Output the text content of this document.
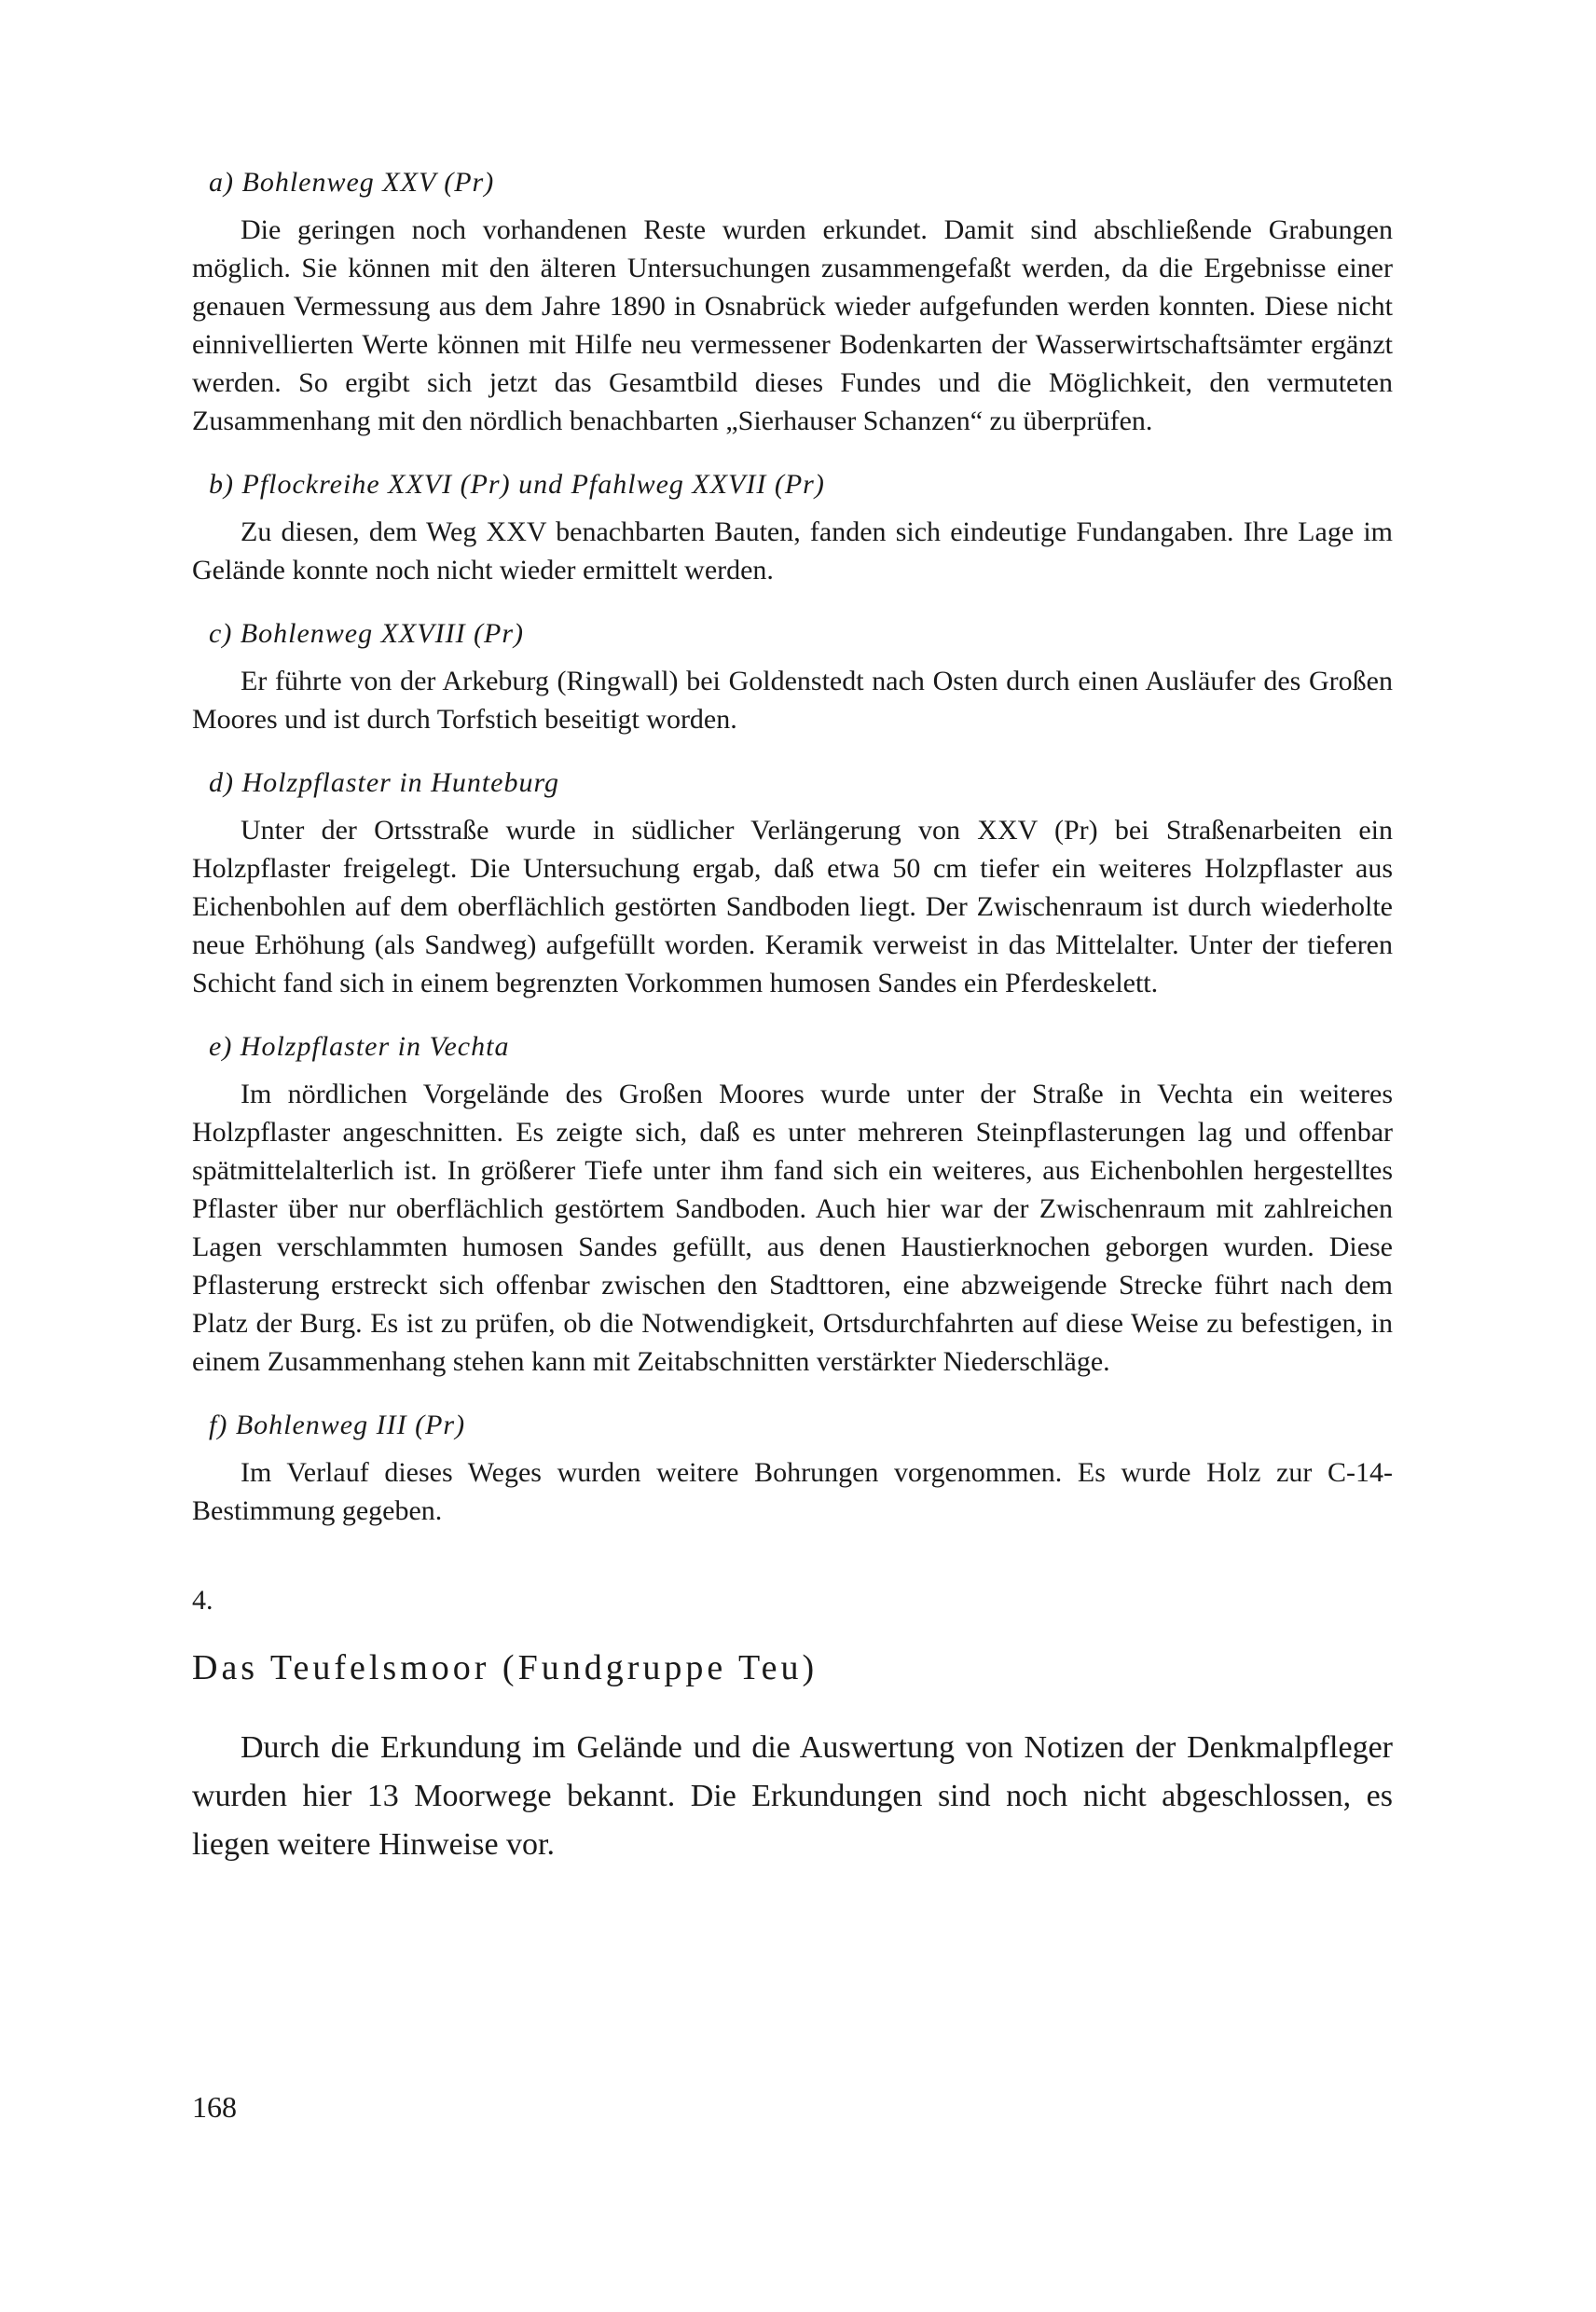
a) Bohlenweg XXV (Pr)

Die geringen noch vorhandenen Reste wurden erkundet. Damit sind abschließende Grabungen möglich. Sie können mit den älteren Untersuchungen zusammengefaßt werden, da die Ergebnisse einer genauen Vermessung aus dem Jahre 1890 in Osnabrück wieder aufgefunden werden konnten. Diese nicht einnivellierten Werte können mit Hilfe neu vermessener Bodenkarten der Wasserwirtschaftsämter ergänzt werden. So ergibt sich jetzt das Gesamtbild dieses Fundes und die Möglichkeit, den vermuteten Zusammenhang mit den nördlich benachbarten „Sierhauser Schanzen“ zu überprüfen.

b) Pflockreihe XXVI (Pr) und Pfahlweg XXVII (Pr)

Zu diesen, dem Weg XXV benachbarten Bauten, fanden sich eindeutige Fundangaben. Ihre Lage im Gelände konnte noch nicht wieder ermittelt werden.

c) Bohlenweg XXVIII (Pr)

Er führte von der Arkeburg (Ringwall) bei Goldenstedt nach Osten durch einen Ausläufer des Großen Moores und ist durch Torfstich beseitigt worden.

d) Holzpflaster in Hunteburg

Unter der Ortsstraße wurde in südlicher Verlängerung von XXV (Pr) bei Straßenarbeiten ein Holzpflaster freigelegt. Die Untersuchung ergab, daß etwa 50 cm tiefer ein weiteres Holzpflaster aus Eichenbohlen auf dem oberflächlich gestörten Sandboden liegt. Der Zwischenraum ist durch wiederholte neue Erhöhung (als Sandweg) aufgefüllt worden. Keramik verweist in das Mittelalter. Unter der tieferen Schicht fand sich in einem begrenzten Vorkommen humosen Sandes ein Pferdeskelett.

e) Holzpflaster in Vechta

Im nördlichen Vorgelände des Großen Moores wurde unter der Straße in Vechta ein weiteres Holzpflaster angeschnitten. Es zeigte sich, daß es unter mehreren Steinpflasterungen lag und offenbar spätmittelalterlich ist. In größerer Tiefe unter ihm fand sich ein weiteres, aus Eichenbohlen hergestelltes Pflaster über nur oberflächlich gestörtem Sandboden. Auch hier war der Zwischenraum mit zahlreichen Lagen verschlammten humosen Sandes gefüllt, aus denen Haustierknochen geborgen wurden. Diese Pflasterung erstreckt sich offenbar zwischen den Stadttoren, eine abzweigende Strecke führt nach dem Platz der Burg. Es ist zu prüfen, ob die Notwendigkeit, Ortsdurchfahrten auf diese Weise zu befestigen, in einem Zusammenhang stehen kann mit Zeitabschnitten verstärkter Niederschläge.

f) Bohlenweg III (Pr)

Im Verlauf dieses Weges wurden weitere Bohrungen vorgenommen. Es wurde Holz zur C-14-Bestimmung gegeben.

4.
Das Teufelsmoor (Fundgruppe Teu)

Durch die Erkundung im Gelände und die Auswertung von Notizen der Denkmalpfleger wurden hier 13 Moorwege bekannt. Die Erkundungen sind noch nicht abgeschlossen, es liegen weitere Hinweise vor.

168
